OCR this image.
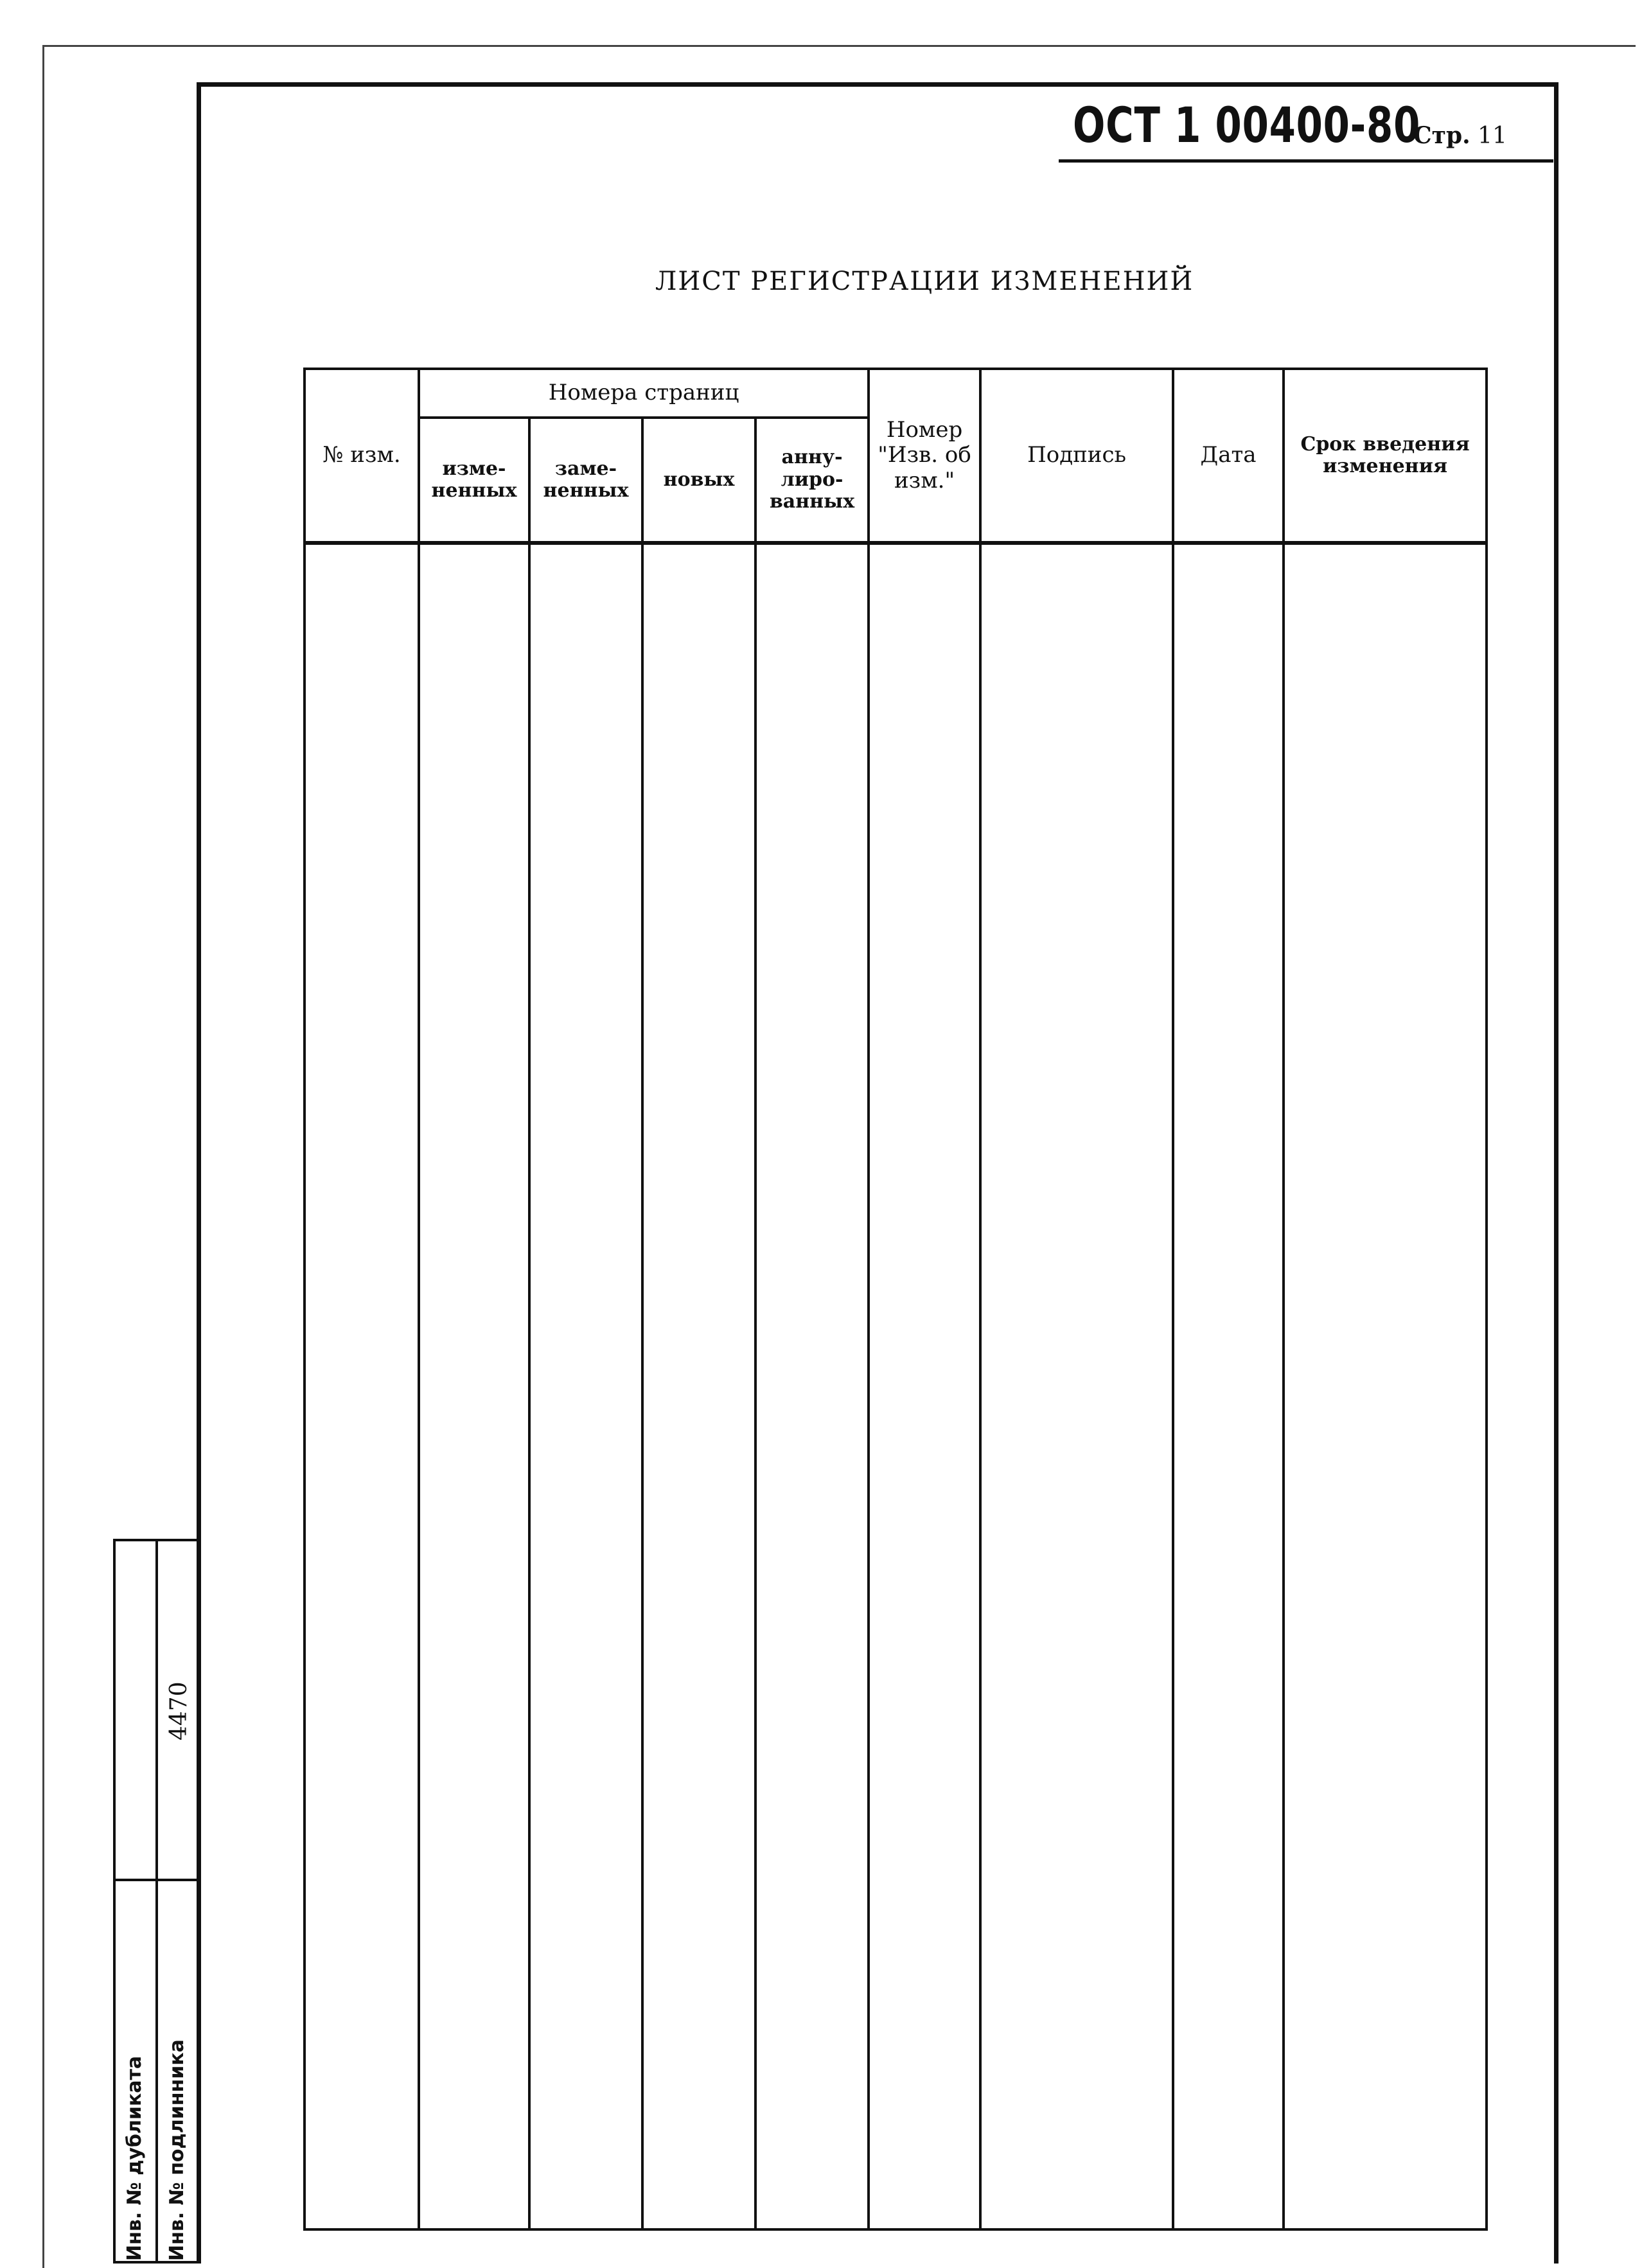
ОСТ 1 00400-80
Стр. 11
ЛИСТ РЕГИСТРАЦИИ ИЗМЕНЕНИЙ
№ изм.	Номера страниц				Номер "Изв. об изм."	Подпись	Дата	Срок введения изменения
	изме-ненных	заме-ненных	новых	анну-лиро-ванных				

Инв. № дубликата Инв. № подлинника
4470
